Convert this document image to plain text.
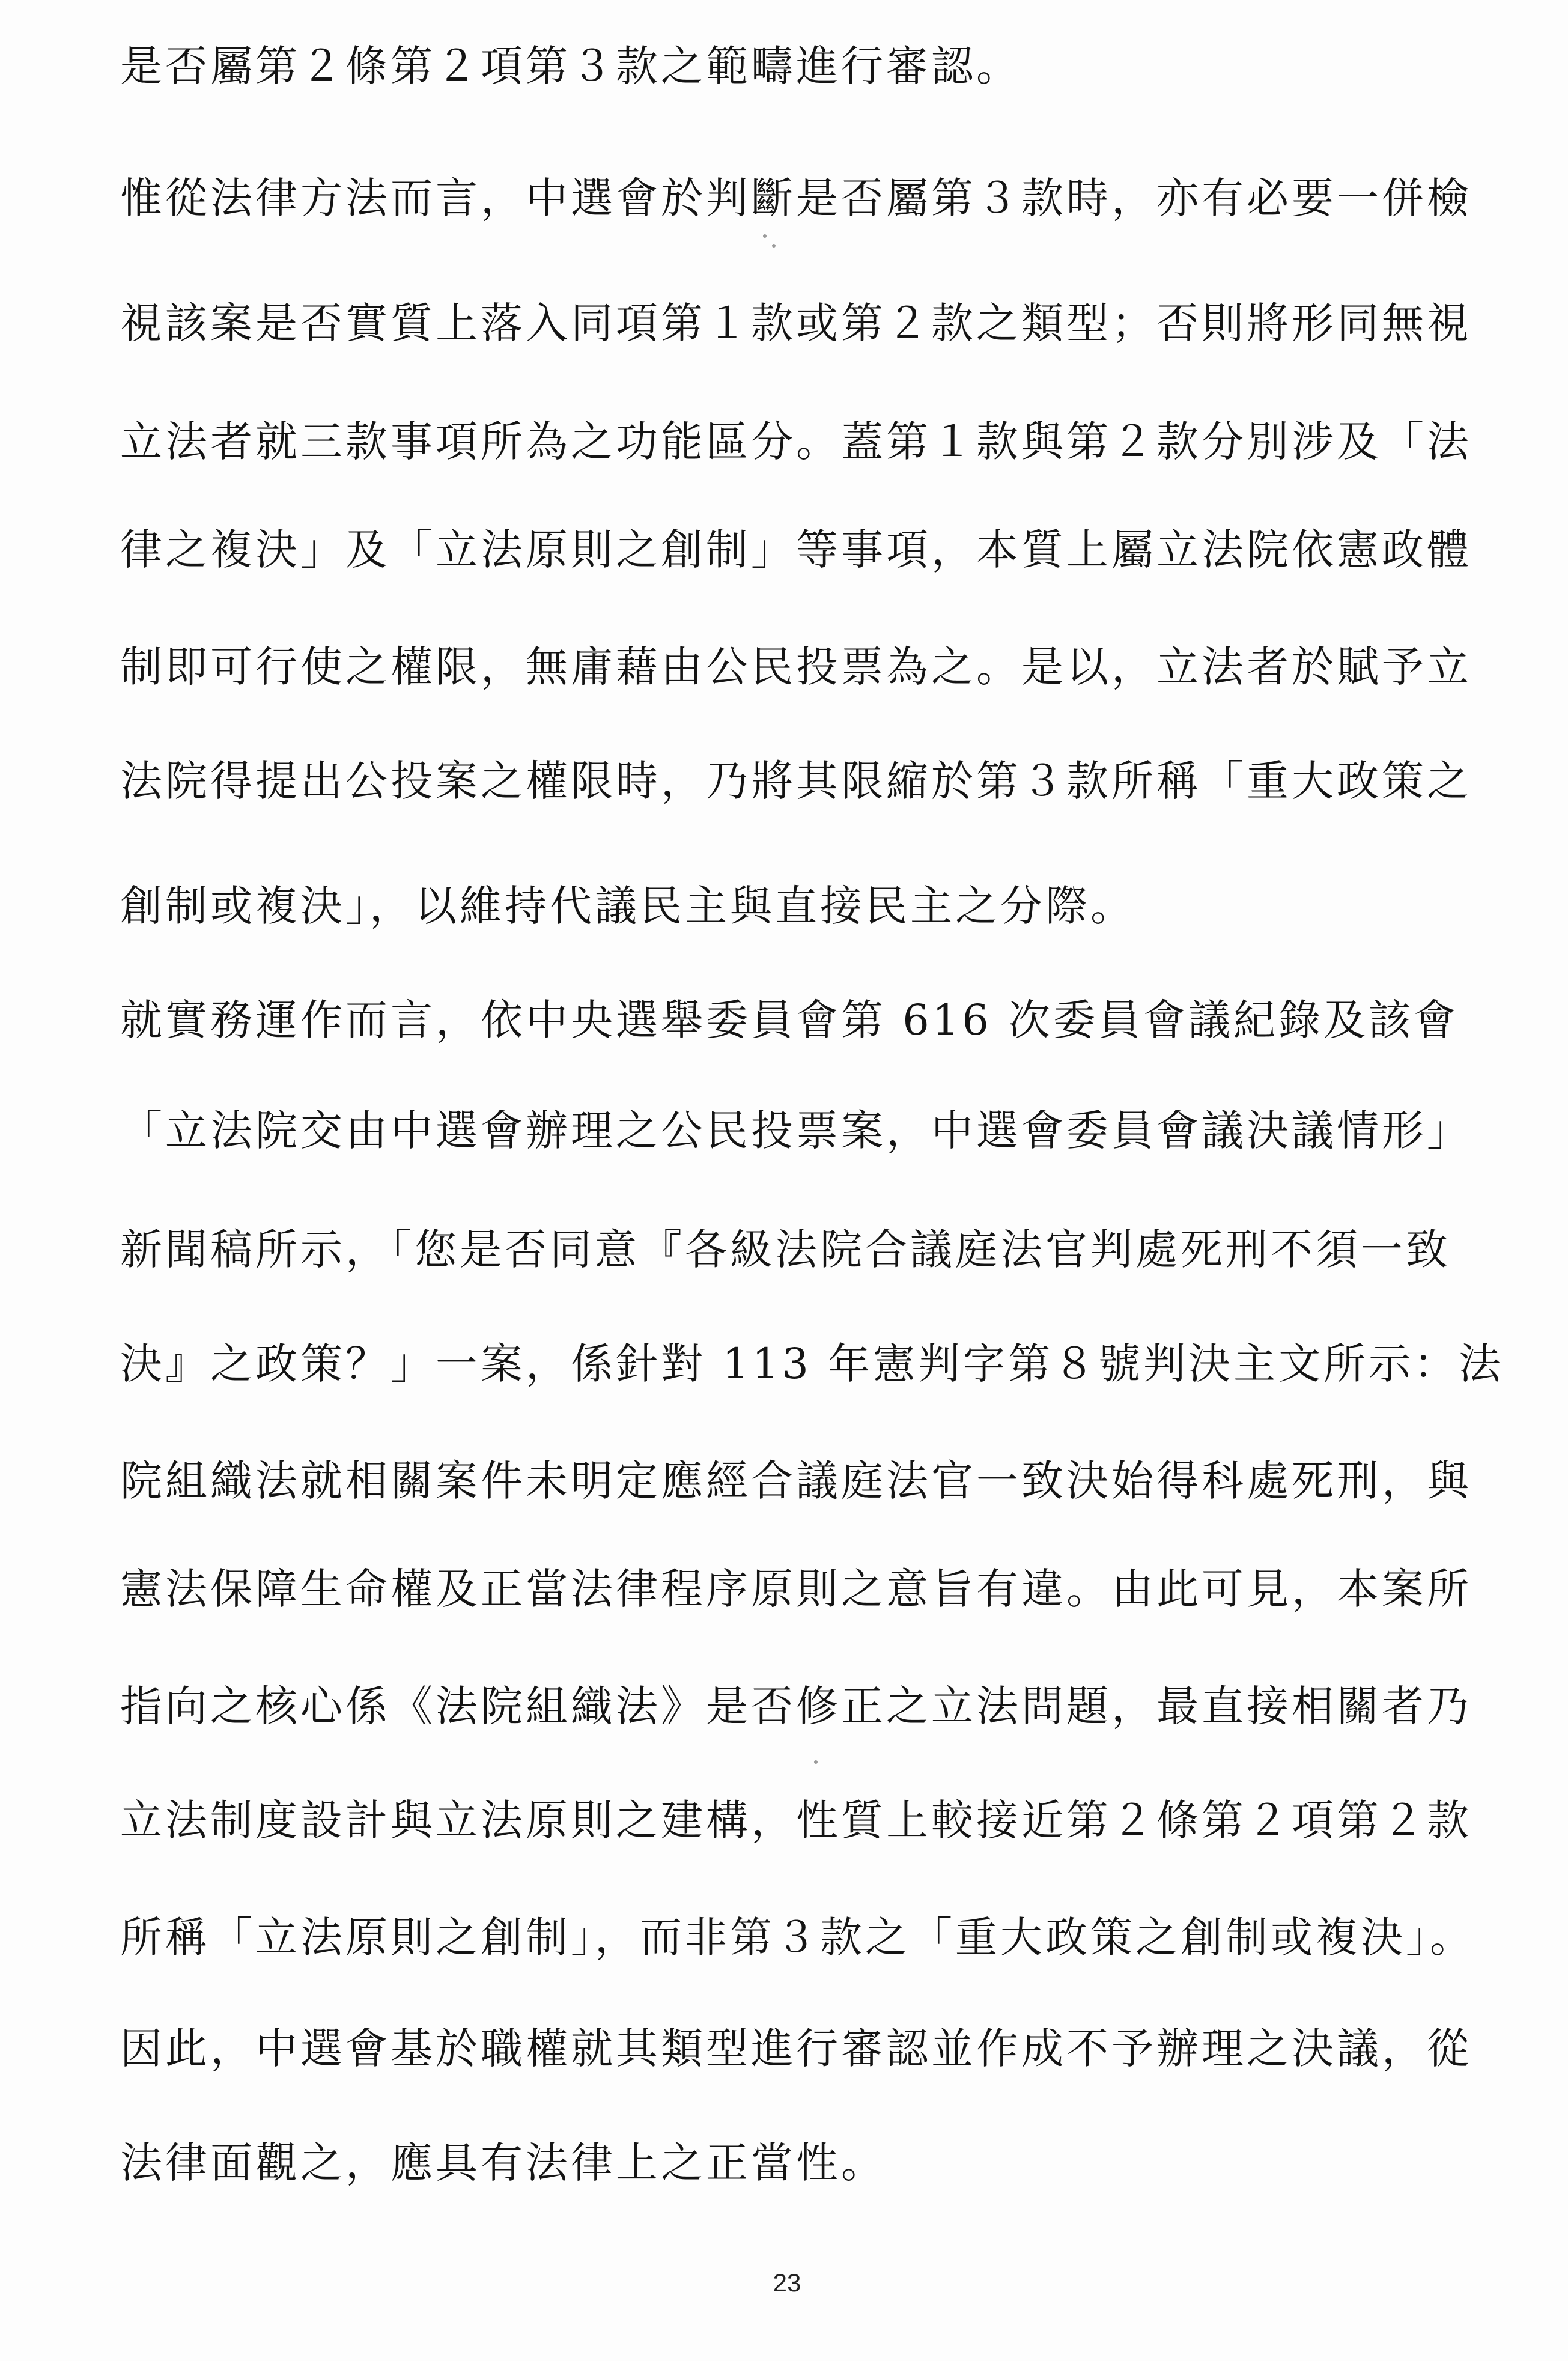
是否屬第２條第２項第３款之範疇進行審認。
惟從法律方法而言，中選會於判斷是否屬第３款時，亦有必要一併檢
視該案是否實質上落入同項第１款或第２款之類型；否則將形同無視
立法者就三款事項所為之功能區分。蓋第１款與第２款分別涉及「法
律之複決」及「立法原則之創制」等事項，本質上屬立法院依憲政體
制即可行使之權限，無庸藉由公民投票為之。是以，立法者於賦予立
法院得提出公投案之權限時，乃將其限縮於第３款所稱「重大政策之
創制或複決」，以維持代議民主與直接民主之分際。
就實務運作而言，依中央選舉委員會第 616 次委員會議紀錄及該會
「立法院交由中選會辦理之公民投票案，中選會委員會議決議情形」
新聞稿所示，「您是否同意『各級法院合議庭法官判處死刑不須一致
決』之政策？」一案，係針對 113 年憲判字第８號判決主文所示：法
院組織法就相關案件未明定應經合議庭法官一致決始得科處死刑，與
憲法保障生命權及正當法律程序原則之意旨有違。由此可見，本案所
指向之核心係《法院組織法》是否修正之立法問題，最直接相關者乃
立法制度設計與立法原則之建構，性質上較接近第２條第２項第２款
所稱「立法原則之創制」，而非第３款之「重大政策之創制或複決」。
因此，中選會基於職權就其類型進行審認並作成不予辦理之決議，從
法律面觀之，應具有法律上之正當性。
23
